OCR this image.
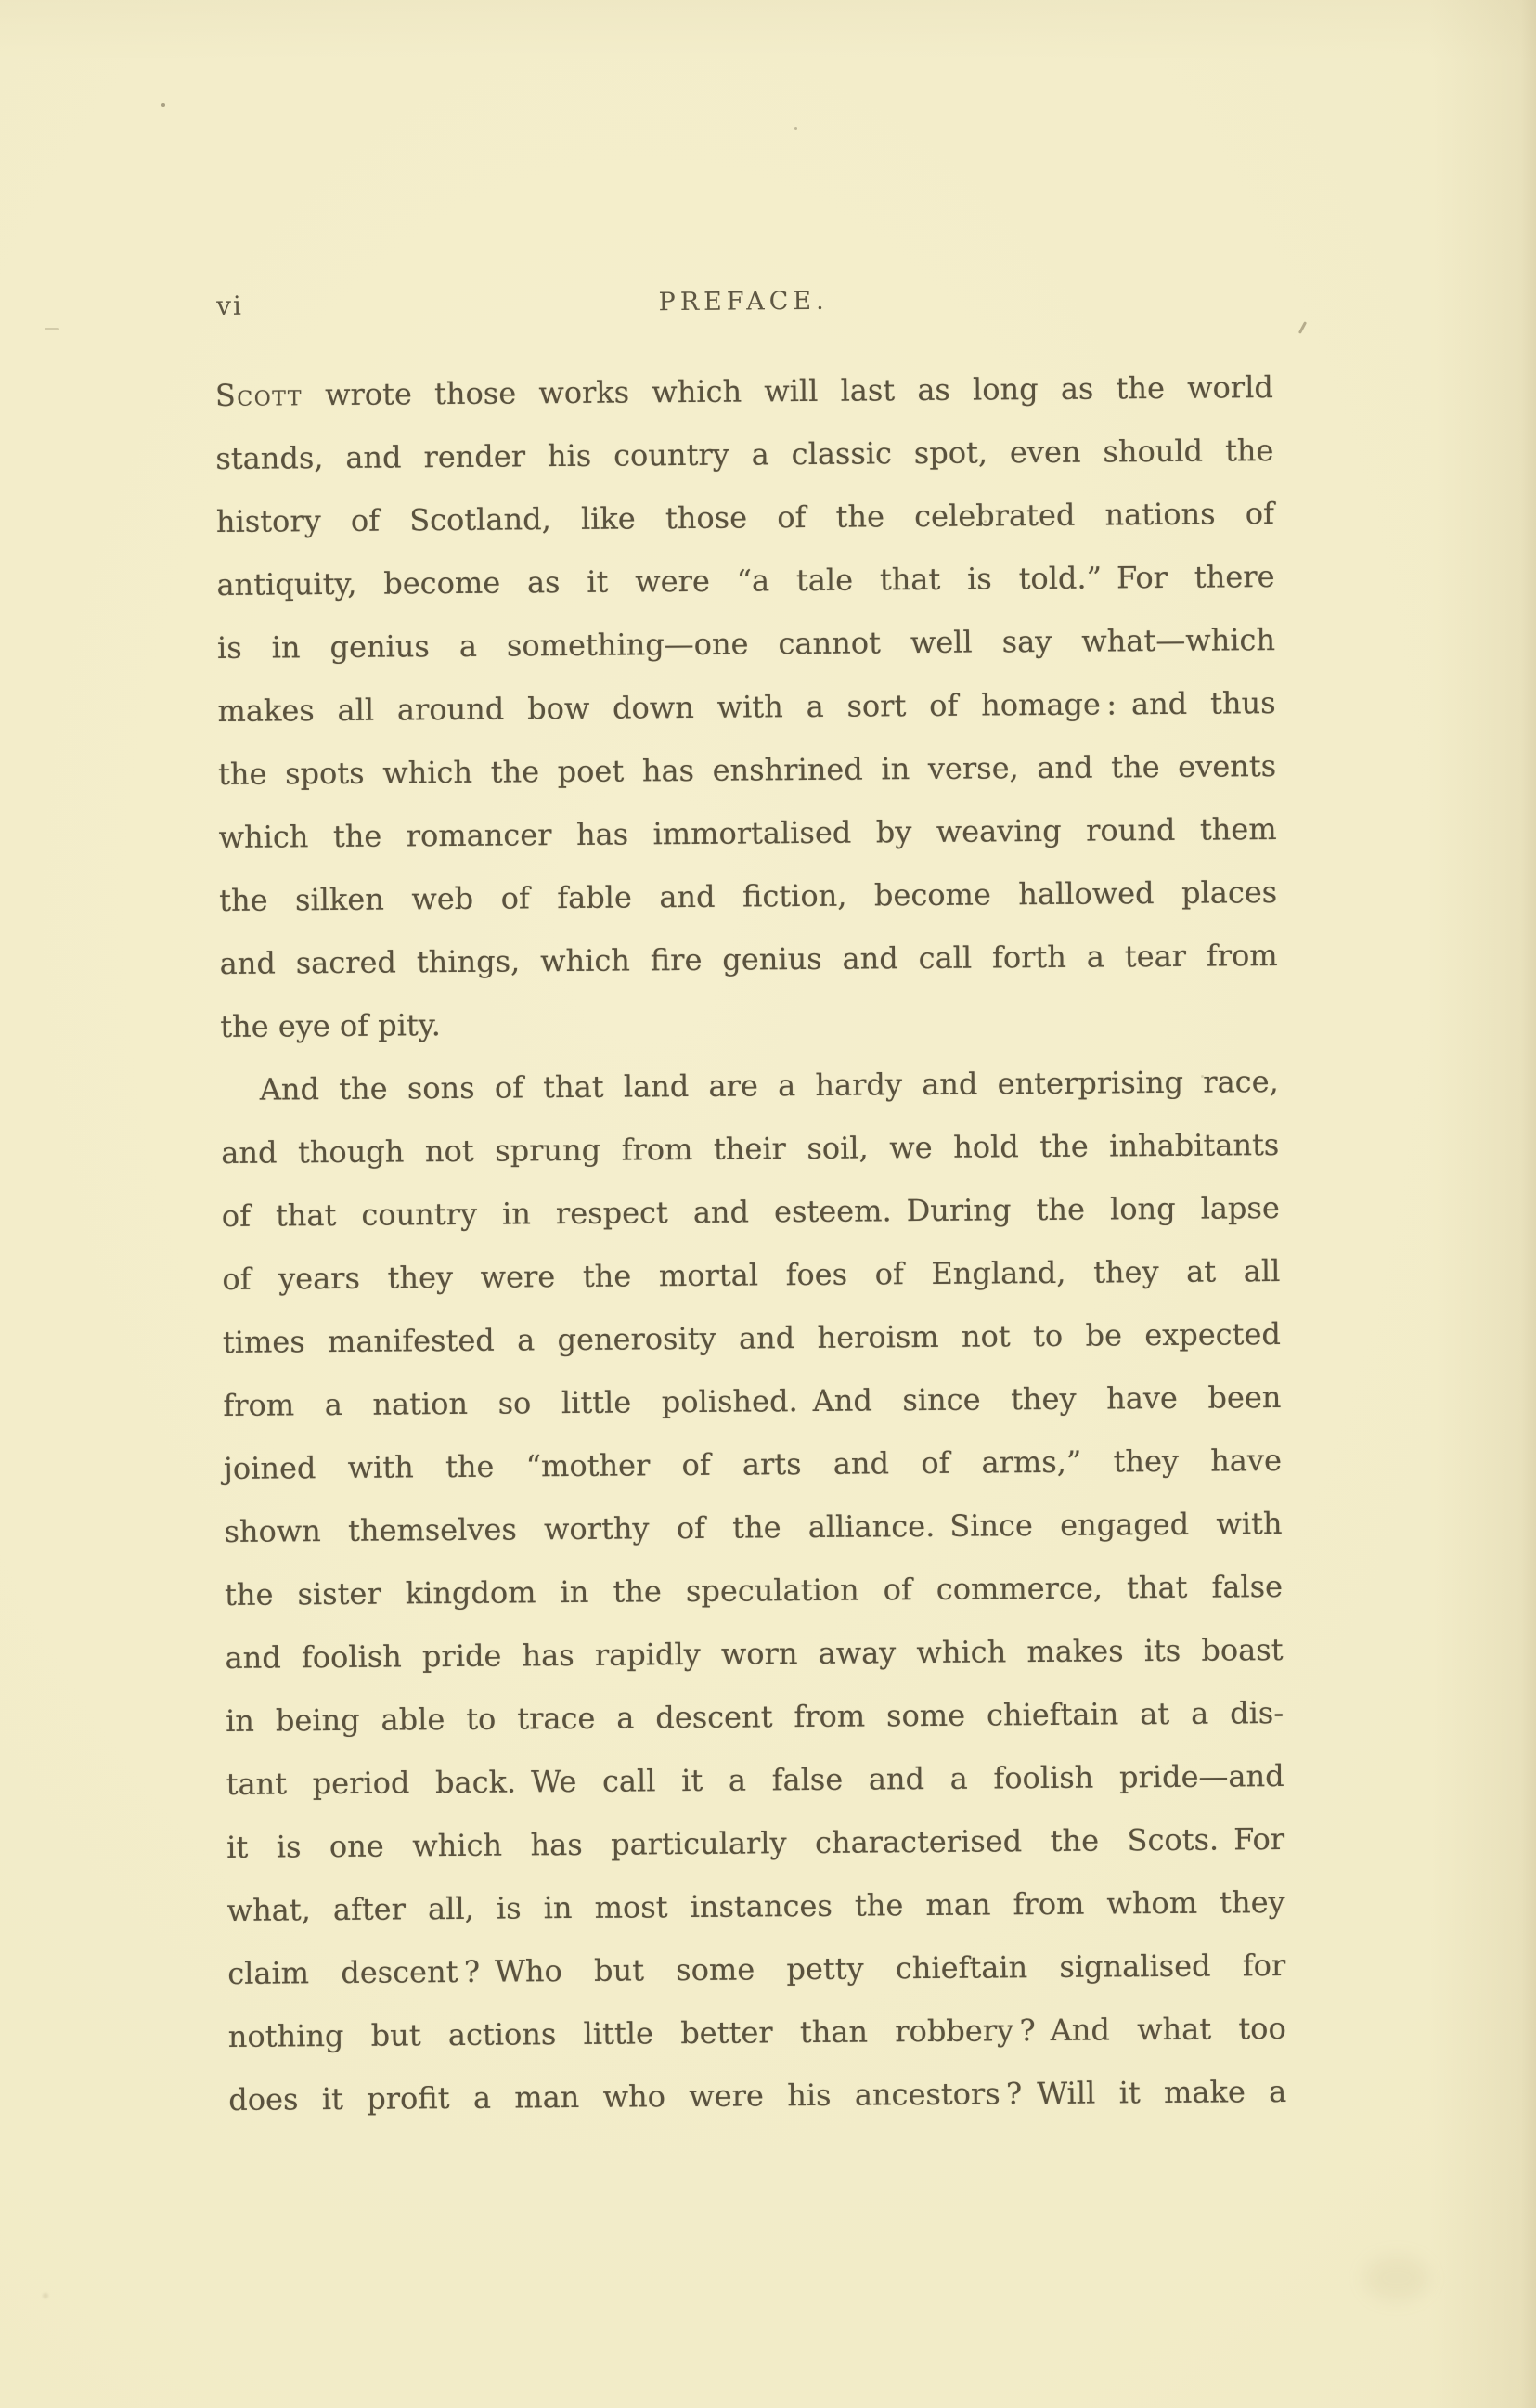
vi	PREFACE.
Scott wrote those works which will last as long as the world
stands, and render his country a classic spot, even should the
history of Scotland, like those of the celebrated nations of
antiquity, become as it were “a tale that is told.” For there
is in genius a something—one cannot well say what—which
makes all around bow down with a sort of homage : and thus
the spots which the poet has enshrined in verse, and the events
which the romancer has immortalised by weaving round them
the silken web of fable and fiction, become hallowed places
and sacred things, which fire genius and call forth a tear from
the eye of pity.
And the sons of that land are a hardy and enterprising race,
and though not sprung from their soil, we hold the inhabitants
of that country in respect and esteem. During the long lapse
of years they were the mortal foes of England, they at all
times manifested a generosity and heroism not to be expected
from a nation so little polished. And since they have been
joined with the “mother of arts and of arms,” they have
shown themselves worthy of the alliance. Since engaged with
the sister kingdom in the speculation of commerce, that false
and foolish pride has rapidly worn away which makes its boast
in being able to trace a descent from some chieftain at a dis-
tant period back. We call it a false and a foolish pride—and
it is one which has particularly characterised the Scots. For
what, after all, is in most instances the man from whom they
claim descent ? Who but some petty chieftain signalised for
nothing but actions little better than robbery ? And what too
does it profit a man who were his ancestors ? Will it make a
